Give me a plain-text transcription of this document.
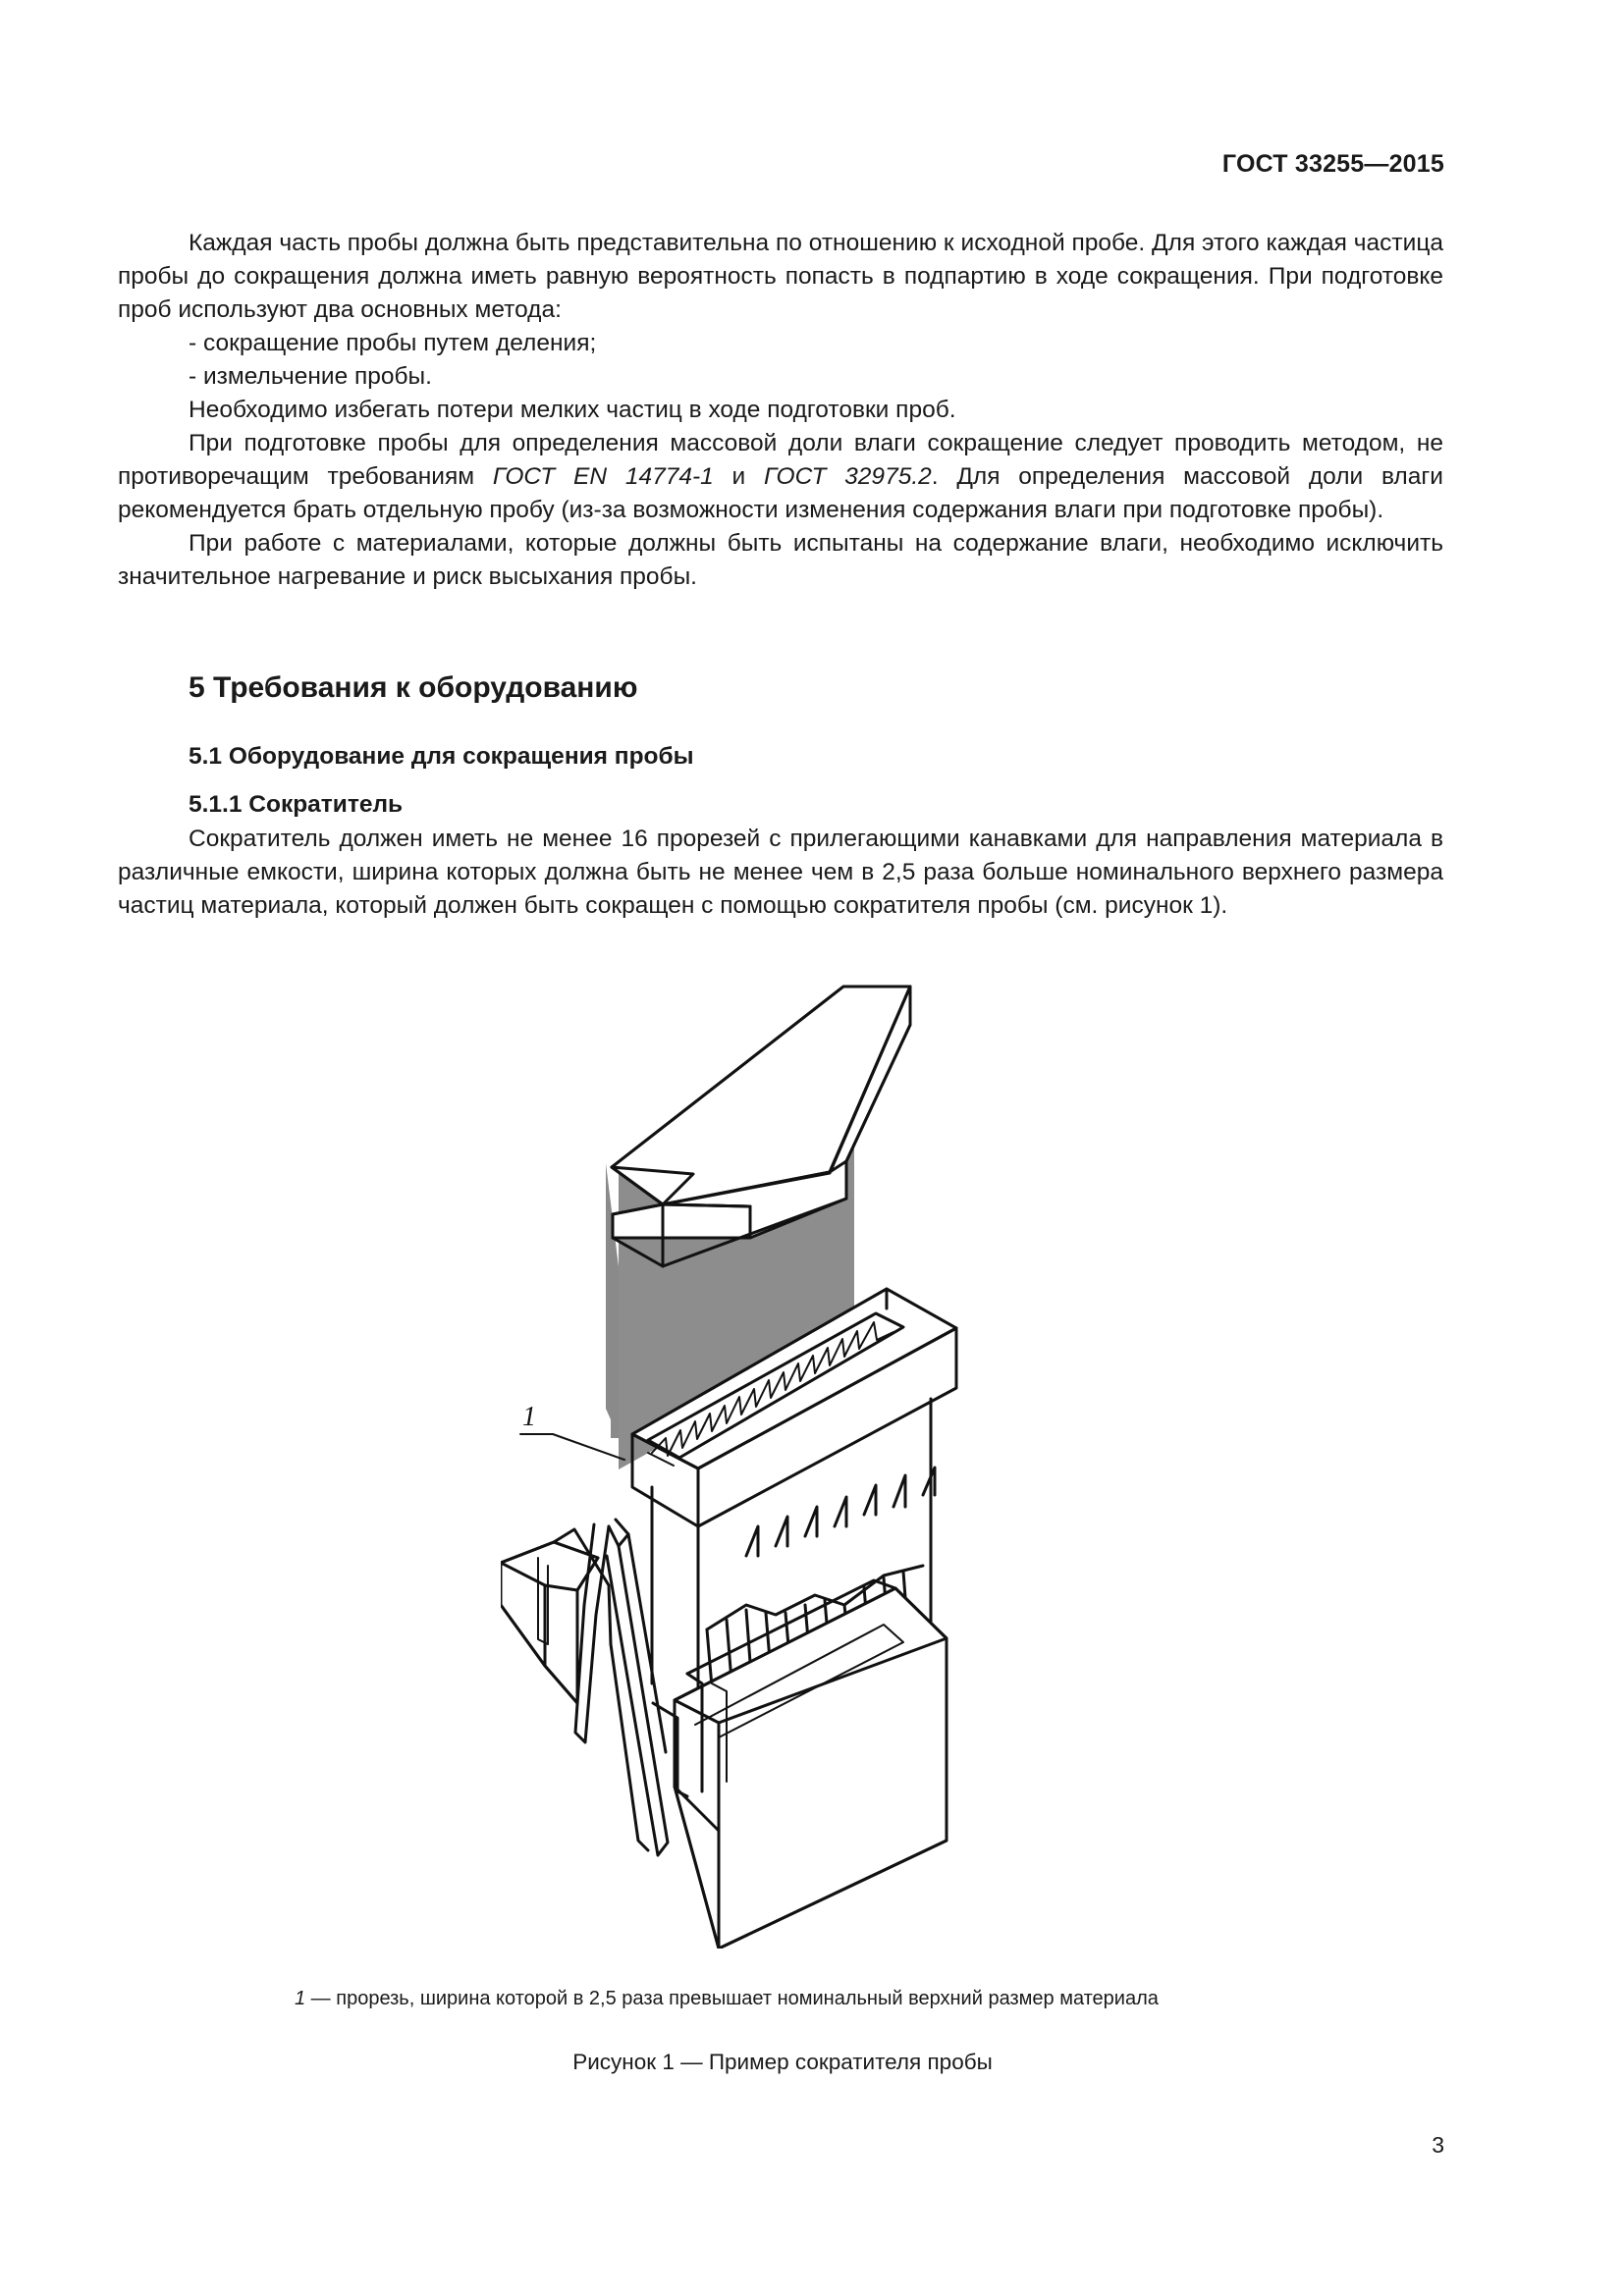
ГОСТ 33255—2015

Каждая часть пробы должна быть представительна по отношению к исходной пробе. Для этого каждая частица пробы до сокращения должна иметь равную вероятность попасть в подпартию в ходе сокращения. При подготовке проб используют два основных метода:

- сокращение пробы путем деления;

- измельчение пробы.

Необходимо избегать потери мелких частиц в ходе подготовки проб.

При подготовке пробы для определения массовой доли влаги сокращение следует проводить методом, не противоречащим требованиям ГОСТ EN 14774-1 и ГОСТ 32975.2. Для определения массовой доли влаги рекомендуется брать отдельную пробу (из-за возможности изменения содержания влаги при подготовке пробы).

При работе с материалами, которые должны быть испытаны на содержание влаги, необходимо исключить значительное нагревание и риск высыхания пробы.

5 Требования к оборудованию
5.1 Оборудование для сокращения пробы
5.1.1 Сократитель

Сократитель должен иметь не менее 16 прорезей с прилегающими канавками для направления материала в различные емкости, ширина которых должна быть не менее чем в 2,5 раза больше номинального верхнего размера частиц материала, который должен быть сокращен с помощью сократителя пробы (см. рисунок 1).

1
1 — прорезь, ширина которой в 2,5 раза превышает номинальный верхний размер материала
Рисунок 1 — Пример сократителя пробы
3
